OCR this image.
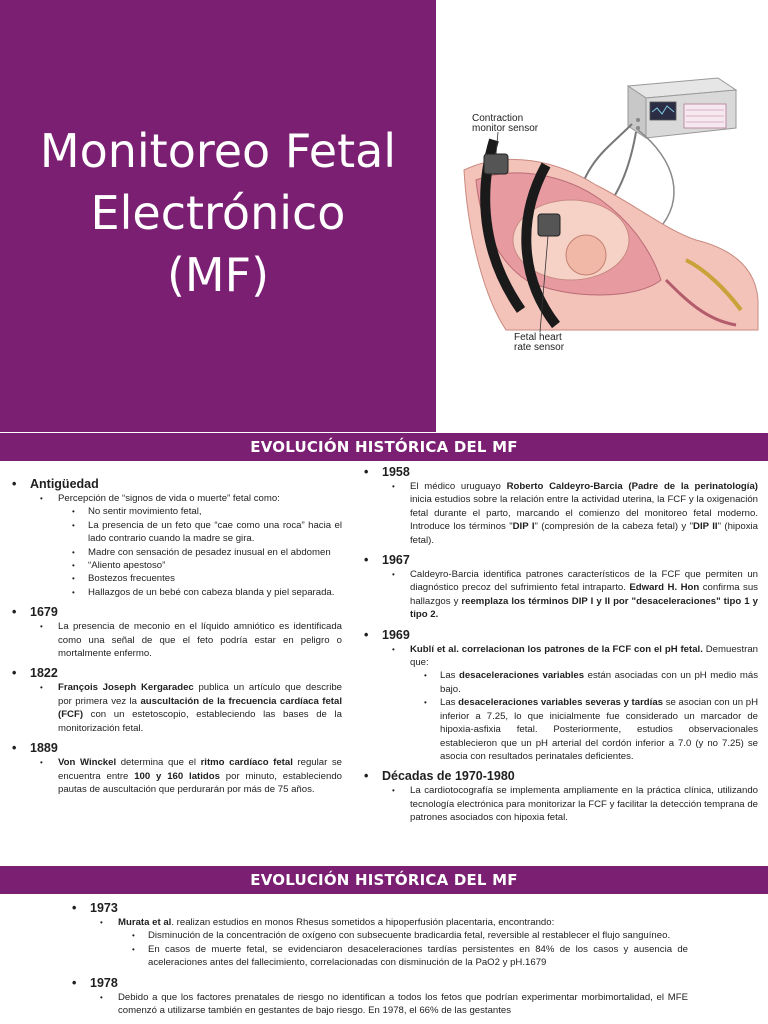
Monitoreo Fetal
Electrónico
(MF)
Contraction
monitor sensor
Fetal heart
rate sensor
EVOLUCIÓN HISTÓRICA DEL MF
• Antigüedad
• Percepción de “signos de vida o muerte” fetal como:
• No sentir movimiento fetal,
• La presencia de un feto que “cae como una roca” hacia el lado contrario cuando la madre se gira.
• Madre con sensación de pesadez inusual en el abdomen
• “Aliento apestoso”
• Bostezos frecuentes
• Hallazgos de un bebé con cabeza blanda y piel separada.
• 1679
• La presencia de meconio en el líquido amniótico es identificada como una señal de que el feto podría estar en peligro o mortalmente enfermo.
• 1822
• François Joseph Kergaradec publica un artículo que describe por primera vez la auscultación de la frecuencia cardíaca fetal (FCF) con un estetoscopio, estableciendo las bases de la monitorización fetal.
• 1889
• Von Winckel determina que el ritmo cardíaco fetal regular se encuentra entre 100 y 160 latidos por minuto, estableciendo pautas de auscultación que perdurarán por más de 75 años.
• 1958
• El médico uruguayo Roberto Caldeyro-Barcia (Padre de la perinatología) inicia estudios sobre la relación entre la actividad uterina, la FCF y la oxigenación fetal durante el parto, marcando el comienzo del monitoreo fetal moderno. Introduce los términos "DIP I" (compresión de la cabeza fetal) y "DIP II" (hipoxia fetal).
• 1967
• Caldeyro-Barcia identifica patrones característicos de la FCF que permiten un diagnóstico precoz del sufrimiento fetal intraparto. Edward H. Hon confirma sus hallazgos y reemplaza los términos DIP I y II por "desaceleraciones" tipo 1 y tipo 2.
• 1969
• Kublí et al. correlacionan los patrones de la FCF con el pH fetal. Demuestran que:
• Las desaceleraciones variables están asociadas con un pH medio más bajo.
• Las desaceleraciones variables severas y tardías se asocian con un pH inferior a 7.25, lo que inicialmente fue considerado un marcador de hipoxia-asfixia fetal. Posteriormente, estudios observacionales establecieron que un pH arterial del cordón inferior a 7.0 (y no 7.25) se asocia con resultados perinatales deficientes.
• Décadas de 1970-1980
• La cardiotocografía se implementa ampliamente en la práctica clínica, utilizando tecnología electrónica para monitorizar la FCF y facilitar la detección temprana de patrones asociados con hipoxia fetal.
EVOLUCIÓN HISTÓRICA DEL MF
• 1973
• Murata et al. realizan estudios en monos Rhesus sometidos a hipoperfusión placentaria, encontrando:
• Disminución de la concentración de oxígeno con subsecuente bradicardia fetal, reversible al restablecer el flujo sanguíneo.
• En casos de muerte fetal, se evidenciaron desaceleraciones tardías persistentes en 84% de los casos y ausencia de aceleraciones antes del fallecimiento, correlacionadas con disminución de la PaO2 y pH.1679
• 1978
• Debido a que los factores prenatales de riesgo no identifican a todos los fetos que podrían experimentar morbimortalidad, el MFE comenzó a utilizarse también en gestantes de bajo riesgo. En 1978, el 66% de las gestantes
